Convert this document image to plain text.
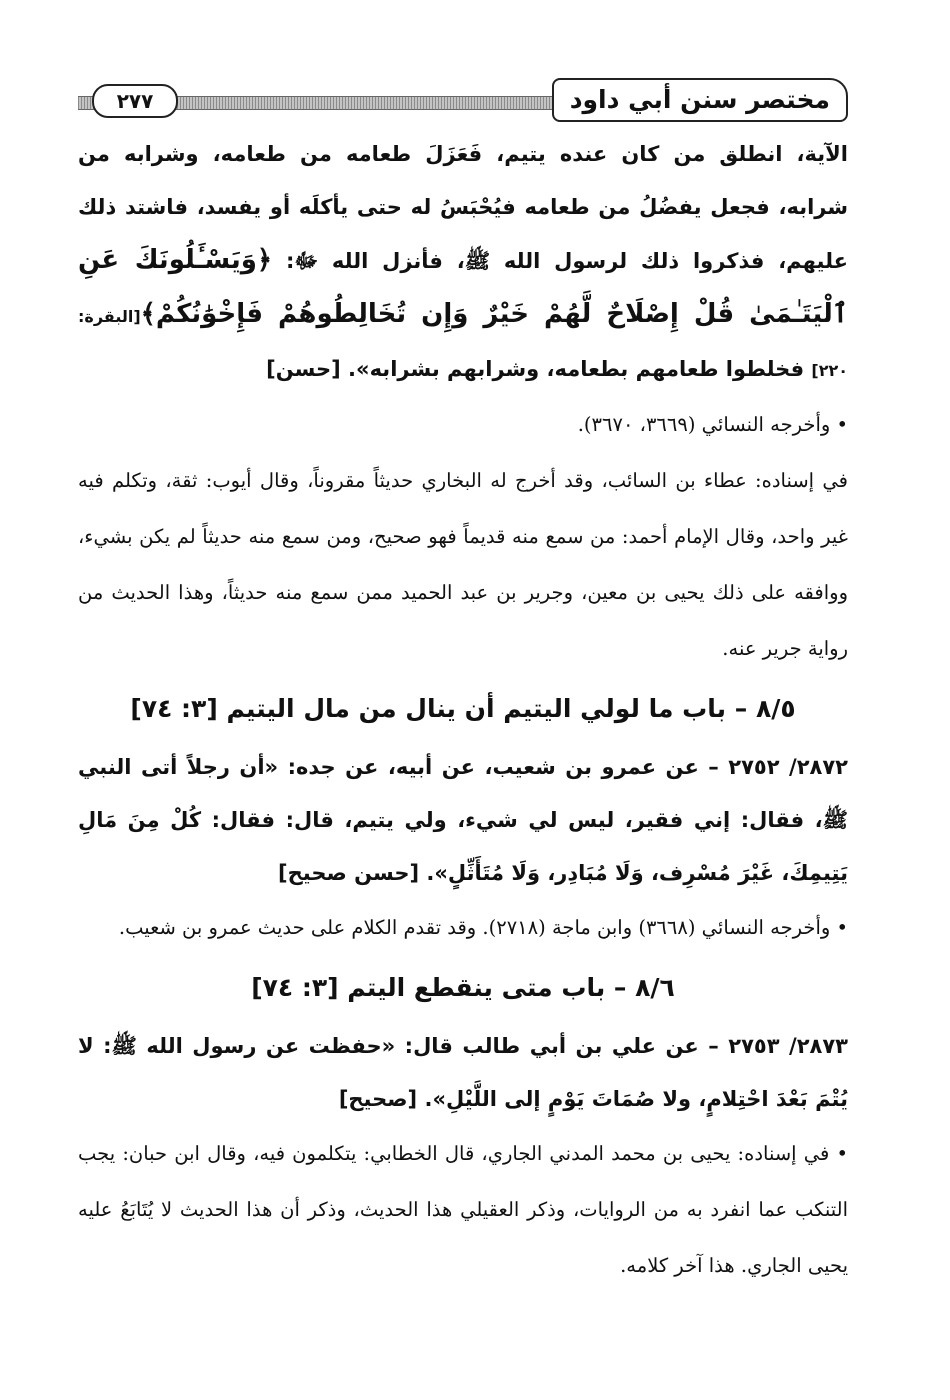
مختصر سنن أبي داود
٢٧٧
الآية، انطلق من كان عنده يتيم، فَعَزَلَ طعامه من طعامه، وشرابه من شرابه، فجعل يفضُلُ من طعامه فيُحْبَسُ له حتى يأكلَه أو يفسد، فاشتد ذلك عليهم، فذكروا ذلك لرسول الله ﷺ، فأنزل الله ﷻ: ﴿وَيَسْـَٔلُونَكَ عَنِ ٱلْيَتَـٰمَىٰ قُلْ إِصْلَاحٌ لَّهُمْ خَيْرٌ وَإِن تُخَالِطُوهُمْ فَإِخْوَٰنُكُمْ﴾[البقرة: ٢٢٠] فخلطوا طعامهم بطعامه، وشرابهم بشرابه». [حسن]
• وأخرجه النسائي (٣٦٦٩، ٣٦٧٠).
في إسناده: عطاء بن السائب، وقد أخرج له البخاري حديثاً مقروناً، وقال أيوب: ثقة، وتكلم فيه غير واحد، وقال الإمام أحمد: من سمع منه قديماً فهو صحيح، ومن سمع منه حديثاً لم يكن بشيء، ووافقه على ذلك يحيى بن معين، وجرير بن عبد الحميد ممن سمع منه حديثاً، وهذا الحديث من رواية جرير عنه.
٨/٥ – باب ما لولي اليتيم أن ينال من مال اليتيم [٣: ٧٤]
٢٨٧٢/ ٢٧٥٢ – عن عمرو بن شعيب، عن أبيه، عن جده: «أن رجلاً أتى النبي ﷺ، فقال: إني فقير، ليس لي شيء، ولي يتيم، قال: فقال: كُلْ مِنَ مَالِ يَتِيمِكَ، غَيْرَ مُسْرِف، وَلَا مُبَادِر، وَلَا مُتَأَثِّلٍ». [حسن صحيح]
• وأخرجه النسائي (٣٦٦٨) وابن ماجة (٢٧١٨). وقد تقدم الكلام على حديث عمرو بن شعيب.
٨/٦ – باب متى ينقطع اليتم [٣: ٧٤]
٢٨٧٣/ ٢٧٥٣ – عن علي بن أبي طالب قال: «حفظت عن رسول الله ﷺ: لا يُتْمَ بَعْدَ احْتِلامٍ، ولا صُمَاتَ يَوْمٍ إلى اللَّيْلِ». [صحيح]
• في إسناده: يحيى بن محمد المدني الجاري، قال الخطابي: يتكلمون فيه، وقال ابن حبان: يجب التنكب عما انفرد به من الروايات، وذكر العقيلي هذا الحديث، وذكر أن هذا الحديث لا يُتَابَعُ عليه يحيى الجاري. هذا آخر كلامه.
